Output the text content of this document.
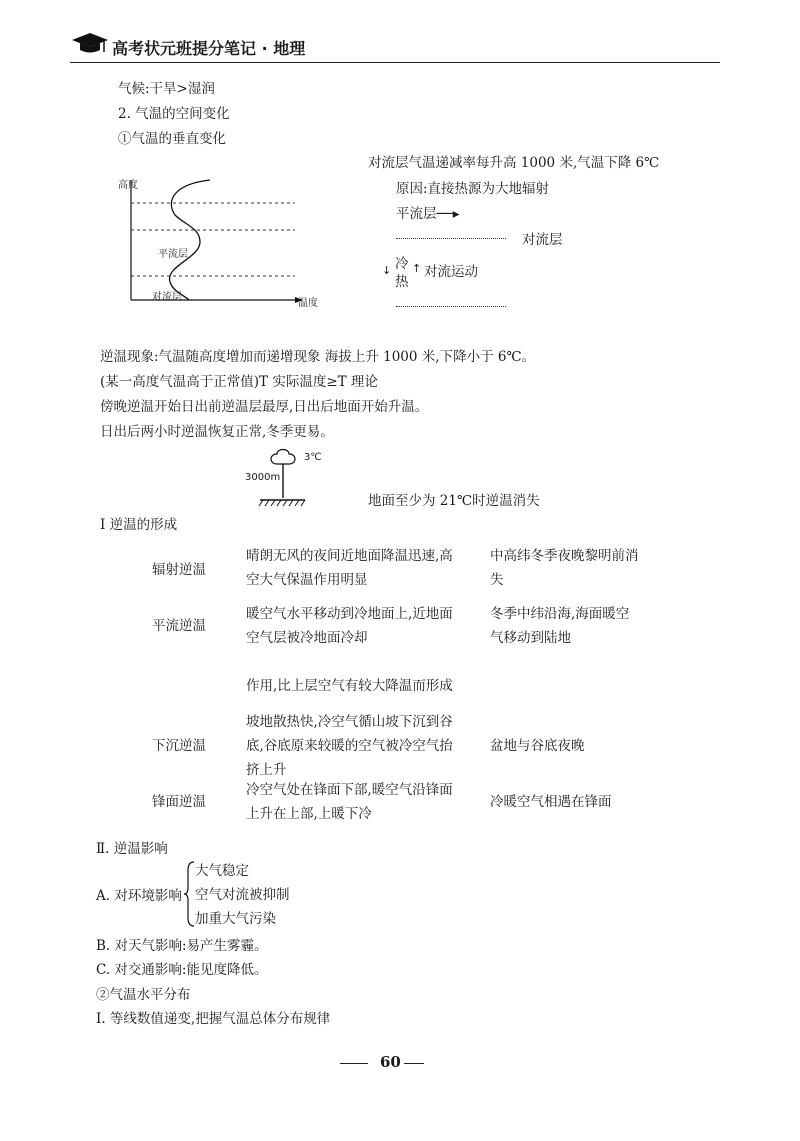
高考状元班提分笔记 · 地理
气候:干旱>湿润
2. 气温的空间变化
①气温的垂直变化
高度
温度
平流层
对流层
对流层气温递减率每升高 1000 米,气温下降 6℃
原因:直接热源为大地辐射
平流层──▸
对流层
↓ 冷
热
↑ 对流运动
逆温现象:气温随高度增加而递增现象 海拔上升 1000 米,下降小于 6℃。
(某一高度气温高于正常值)T 实际温度≥T 理论
傍晚逆温开始日出前逆温层最厚,日出后地面开始升温。
日出后两小时逆温恢复正常,冬季更易。
3℃
3000m
地面至少为 21℃时逆温消失
Ⅰ 逆温的形成
辐射逆温
晴朗无风的夜间近地面降温迅速,高
空大气保温作用明显
中高纬冬季夜晚黎明前消
失
平流逆温
暖空气水平移动到冷地面上,近地面
空气层被冷地面冷却
冬季中纬沿海,海面暖空
气移动到陆地
作用,比上层空气有较大降温而形成
下沉逆温
坡地散热快,冷空气循山坡下沉到谷
底,谷底原来较暖的空气被冷空气抬
挤上升
盆地与谷底夜晚
锋面逆温
冷空气处在锋面下部,暖空气沿锋面
上升在上部,上暖下冷
冷暖空气相遇在锋面
Ⅱ. 逆温影响
A. 对环境影响
大气稳定
空气对流被抑制
加重大气污染
B. 对天气影响:易产生雾霾。
C. 对交通影响:能见度降低。
②气温水平分布
Ⅰ. 等线数值递变,把握气温总体分布规律
60
